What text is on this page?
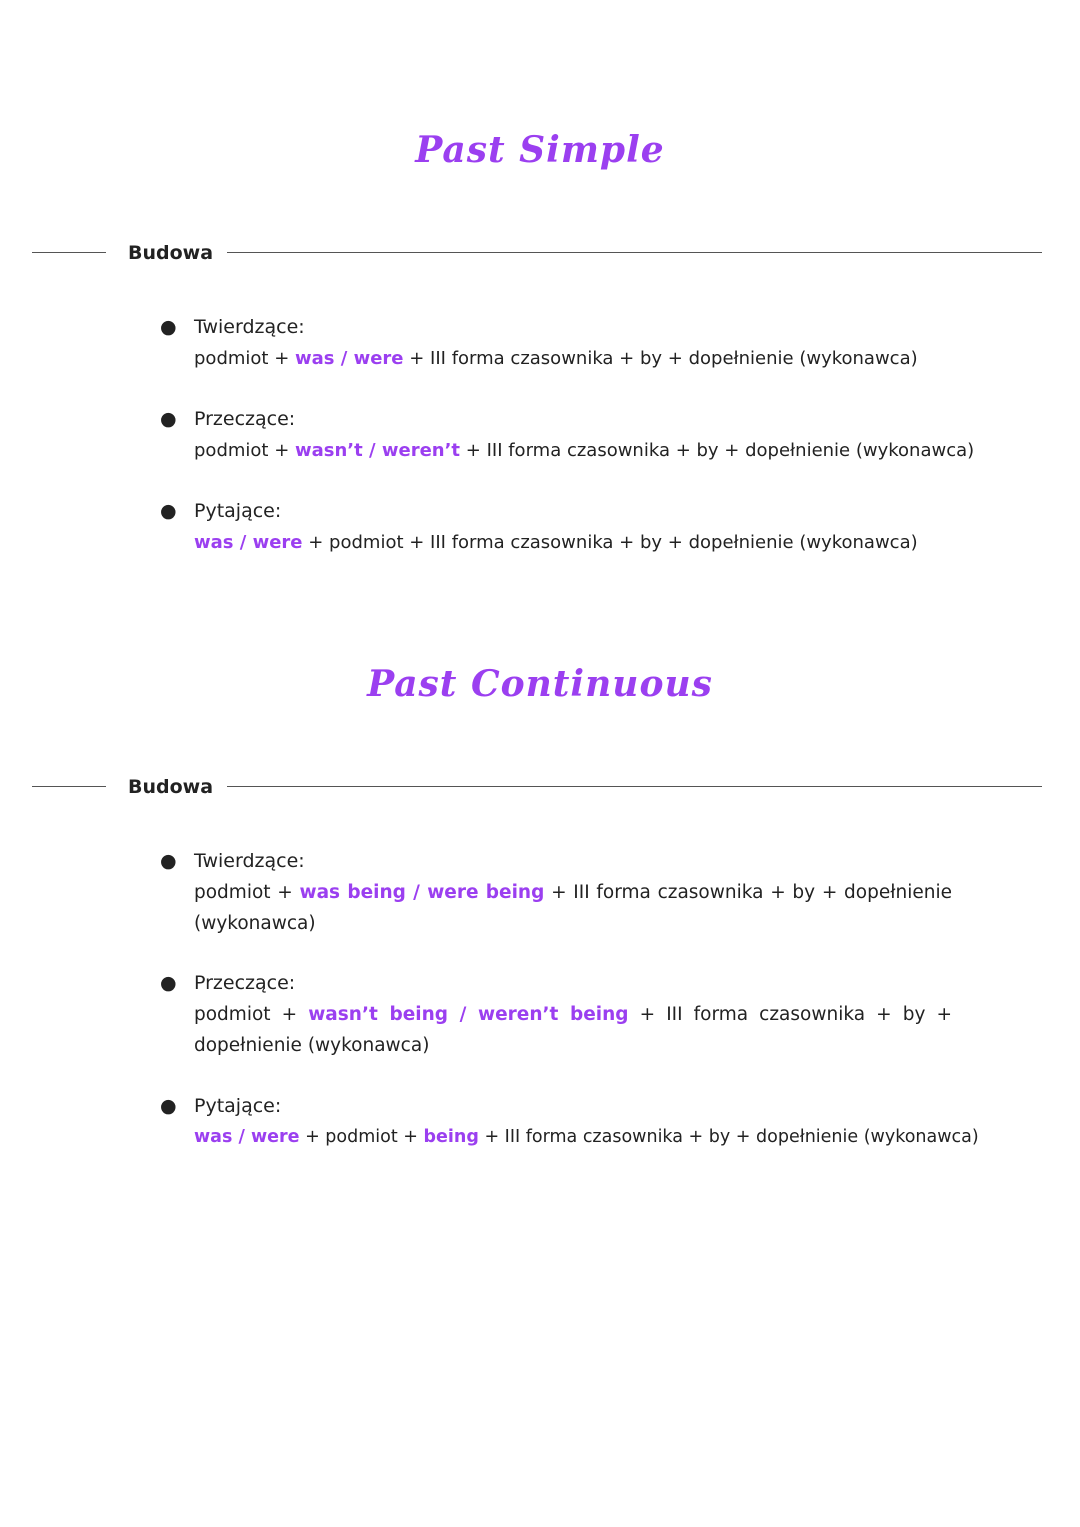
Past Simple
Budowa
● Twierdzące:
podmiot + was / were + III forma czasownika + by + dopełnienie (wykonawca)
● Przeczące:
podmiot + wasn’t / weren’t + III forma czasownika + by + dopełnienie (wykonawca)
● Pytające:
was / were + podmiot + III forma czasownika + by + dopełnienie (wykonawca)
Past Continuous
Budowa
● Twierdzące:
podmiot + was being / were being + III forma czasownika + by + dopełnienie (wykonawca)
● Przeczące:
podmiot + wasn’t being / weren’t being + III forma czasownika + by + dopełnienie (wykonawca)
● Pytające:
was / were + podmiot + being + III forma czasownika + by + dopełnienie (wykonawca)
